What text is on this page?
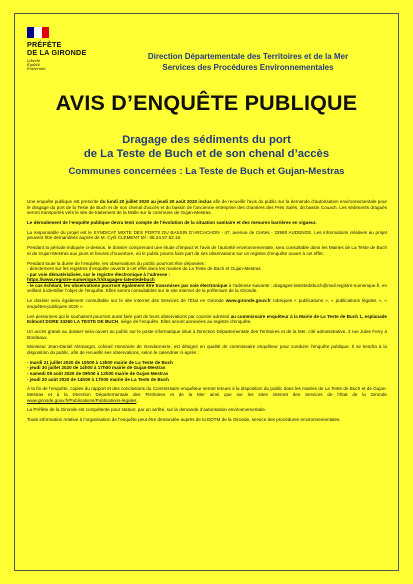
PRÉFÈTE
DE LA GIRONDE
Liberté
Égalité
Fraternité
Direction Départementale des Territoires et de la Mer
Services des Procédures Environnementales
AVIS D’ENQUÊTE PUBLIQUE
Dragage des sédiments du port
de La Teste de Buch et de son chenal d’accès
Communes concernées : La Teste de Buch et Gujan-Mestras

Une enquête publique est prescrite du lundi 20 juillet 2020 au jeudi 20 août 2020 inclus afin de recueillir l’avis du public sur la demande d’autorisation environnementale pour le dragage du port de la Teste de Buch et de son chenal d’accès et du bassin de l’ancienne entreprise des chantiers des Prés Salés, dit bassin Couach. Les sédiments dragués seront transportés vers le site de traitement de la Molle sur la commune de Gujan-Mestras.

Le déroulement de l’enquête publique devra tenir compte de l’évolution de la situation sanitaire et des mesures barrières en vigueur.

La responsable du projet est le SYNDICAT MIXTE DES PORTS DU BASSIN D’ARCACHON - 47, avenue de Certes - 33980 AUDENGE. Les informations relatives au projet peuvent être demandées auprès de M. Cyril CLEMENT tél : 06.24.57.52.10.

Pendant la période indiquée ci-dessus, le dossier comprenant une étude d’impact et l’avis de l’autorité environnementale, sera consultable dans les Mairies de La Teste de Buch et de Gujan-Mestras aux jours et heures d’ouverture, où le public pourra faire part de ses observations sur un registre d’enquête ouvert à cet effet.

Pendant toute la durée de l’enquête, les observations du public pourront être déposées :
- directement sur les registres d’enquête ouverts à cet effet dans les mairies de La Teste de Buch et Gujan-Mestras
- par voie dématérialisée, sur le registre électronique à l’adresse :
https://www.registre-numerique.fr/dragages-latestedebuch
- le cas échéant, les observations pourront également être transmises par voie électronique à l’adresse suivante : dragages-latestedebuch@mail.registre-numerique.fr, en veillant à identifier l’objet de l’enquête. Elles seront consultables sur le site internet de la préfecture de la Gironde.

Le dossier sera également consultable sur le site internet des Services de l’État en Gironde www.gironde.gouv.fr rubriques « publications », « publications légales », « enquêtes-publiques 2020 ».

Les personnes qui le souhaitent pourront aussi faire part de leurs observations par courrier adressé au commissaire enquêteur à la Mairie de La Teste de Buch 1, esplanade Edmont DORE 33260 LA TESTE DE BUCH, siège de l’enquête. Elles seront annexées au registre d’enquête.

Un accès gratuit au dossier sera ouvert au public sur le poste informatique situé à Direction Départementale des Territoires et de la Mer, cité administrative, 2 rue Jules Ferry à Bordeaux.

Monsieur Jean-Daniel Alsmargot, colonel Honoraire de Gendarmerie, est désigné en qualité de commissaire enquêteur pour conduire l’enquête publique. Il se tiendra à la disposition du public, afin de recueillir ses observations, selon le calendrier ci-après :

- mardi 21 juillet 2020 de 10h00 à 13h00 mairie de La Teste de Buch
- jeudi 30 juillet 2020 de 14h00 à 17h00 mairie de Gujan-Mestras
- samedi 08 août 2020 de 09h00 à 12h00 mairie de Gujan-Mestras
- jeudi 20 août 2020 de 14h00 à 17h00 mairie de La Teste de Buch

À la fin de l’enquête, copies du rapport et des conclusions du Commissaire enquêteur seront tenues à la disposition du public dans les mairies de La Teste de Buch et de Gujan-Mestras et à la Direction Départementale des Territoires et de la Mer ainsi que sur les sites internet des Services de l’État de la Gironde www.gironde.gouv.fr/Publications/Publications-légales.

La Préfète de la Gironde est compétente pour statuer, par un arrêté, sur la demande d’autorisation environnementale.

Toute information relative à l’organisation de l’enquête peut être demandée auprès de la DDTM de la Gironde, service des procédures environnementales.
